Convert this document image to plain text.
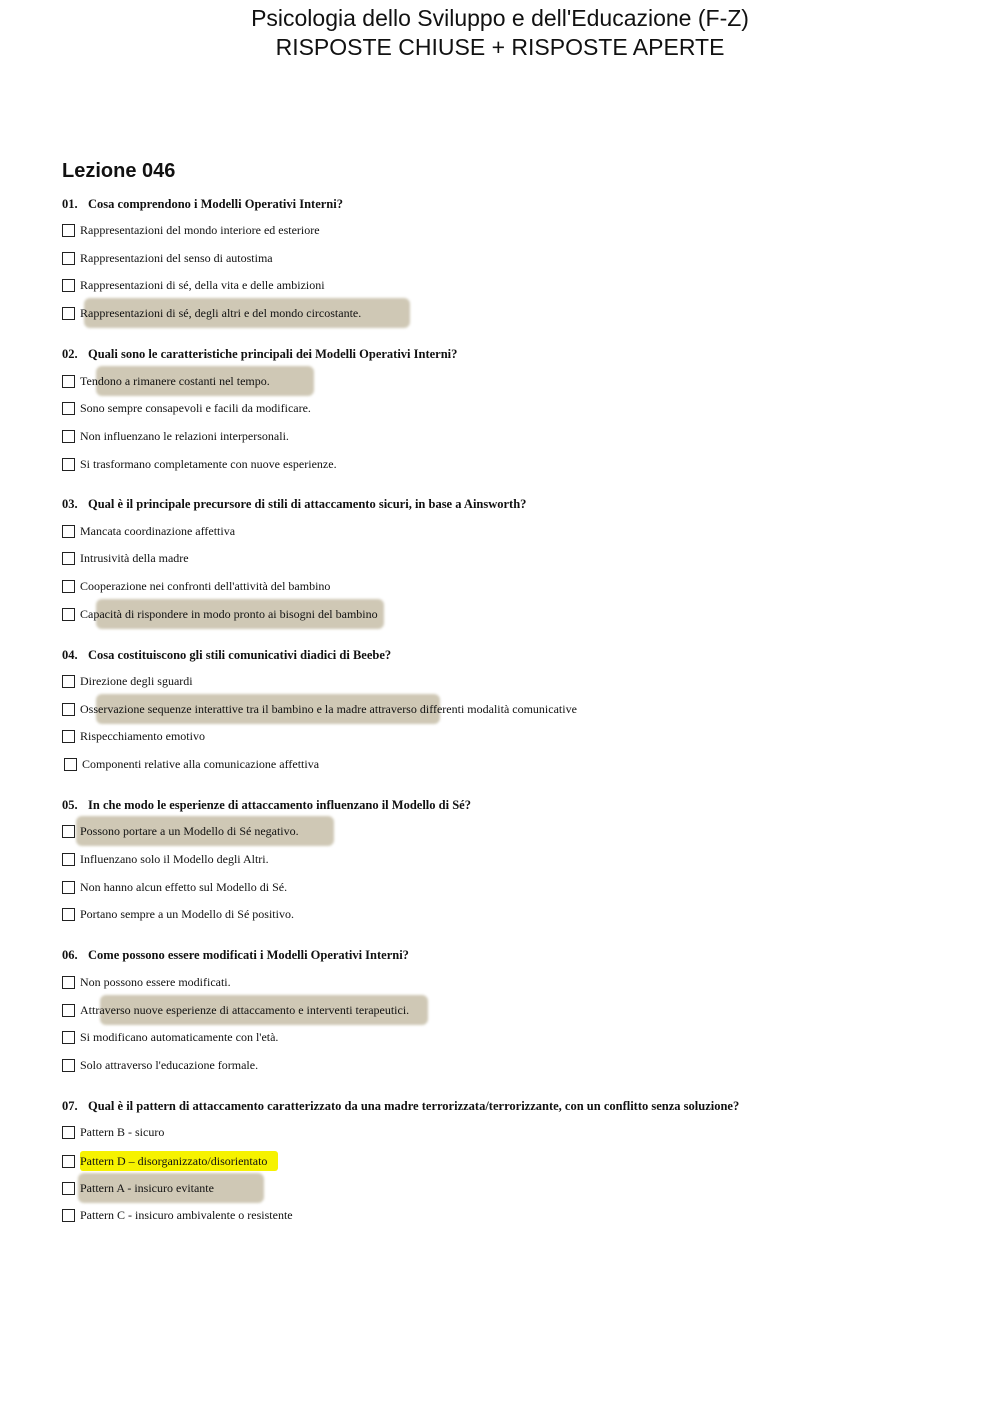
Psicologia dello Sviluppo e dell'Educazione (F-Z)
RISPOSTE CHIUSE + RISPOSTE APERTE
Lezione 046
01. Cosa comprendono i Modelli Operativi Interni?
Rappresentazioni del mondo interiore ed esteriore
Rappresentazioni del senso di autostima
Rappresentazioni di sé, della vita e delle ambizioni
Rappresentazioni di sé, degli altri e del mondo circostante.
02. Quali sono le caratteristiche principali dei Modelli Operativi Interni?
Tendono a rimanere costanti nel tempo.
Sono sempre consapevoli e facili da modificare.
Non influenzano le relazioni interpersonali.
Si trasformano completamente con nuove esperienze.
03. Qual è il principale precursore di stili di attaccamento sicuri, in base a Ainsworth?
Mancata coordinazione affettiva
Intrusività della madre
Cooperazione nei confronti dell'attività del bambino
Capacità di rispondere in modo pronto ai bisogni del bambino
04. Cosa costituiscono gli stili comunicativi diadici di Beebe?
Direzione degli sguardi
Osservazione sequenze interattive tra il bambino e la madre attraverso differenti modalità comunicative
Rispecchiamento emotivo
Componenti relative alla comunicazione affettiva
05. In che modo le esperienze di attaccamento influenzano il Modello di Sé?
Possono portare a un Modello di Sé negativo.
Influenzano solo il Modello degli Altri.
Non hanno alcun effetto sul Modello di Sé.
Portano sempre a un Modello di Sé positivo.
06. Come possono essere modificati i Modelli Operativi Interni?
Non possono essere modificati.
Attraverso nuove esperienze di attaccamento e interventi terapeutici.
Si modificano automaticamente con l'età.
Solo attraverso l'educazione formale.
07. Qual è il pattern di attaccamento caratterizzato da una madre terrorizzata/terrorizzante, con un conflitto senza soluzione?
Pattern B - sicuro
Pattern D – disorganizzato/disorientato
Pattern A - insicuro evitante
Pattern C - insicuro ambivalente o resistente
